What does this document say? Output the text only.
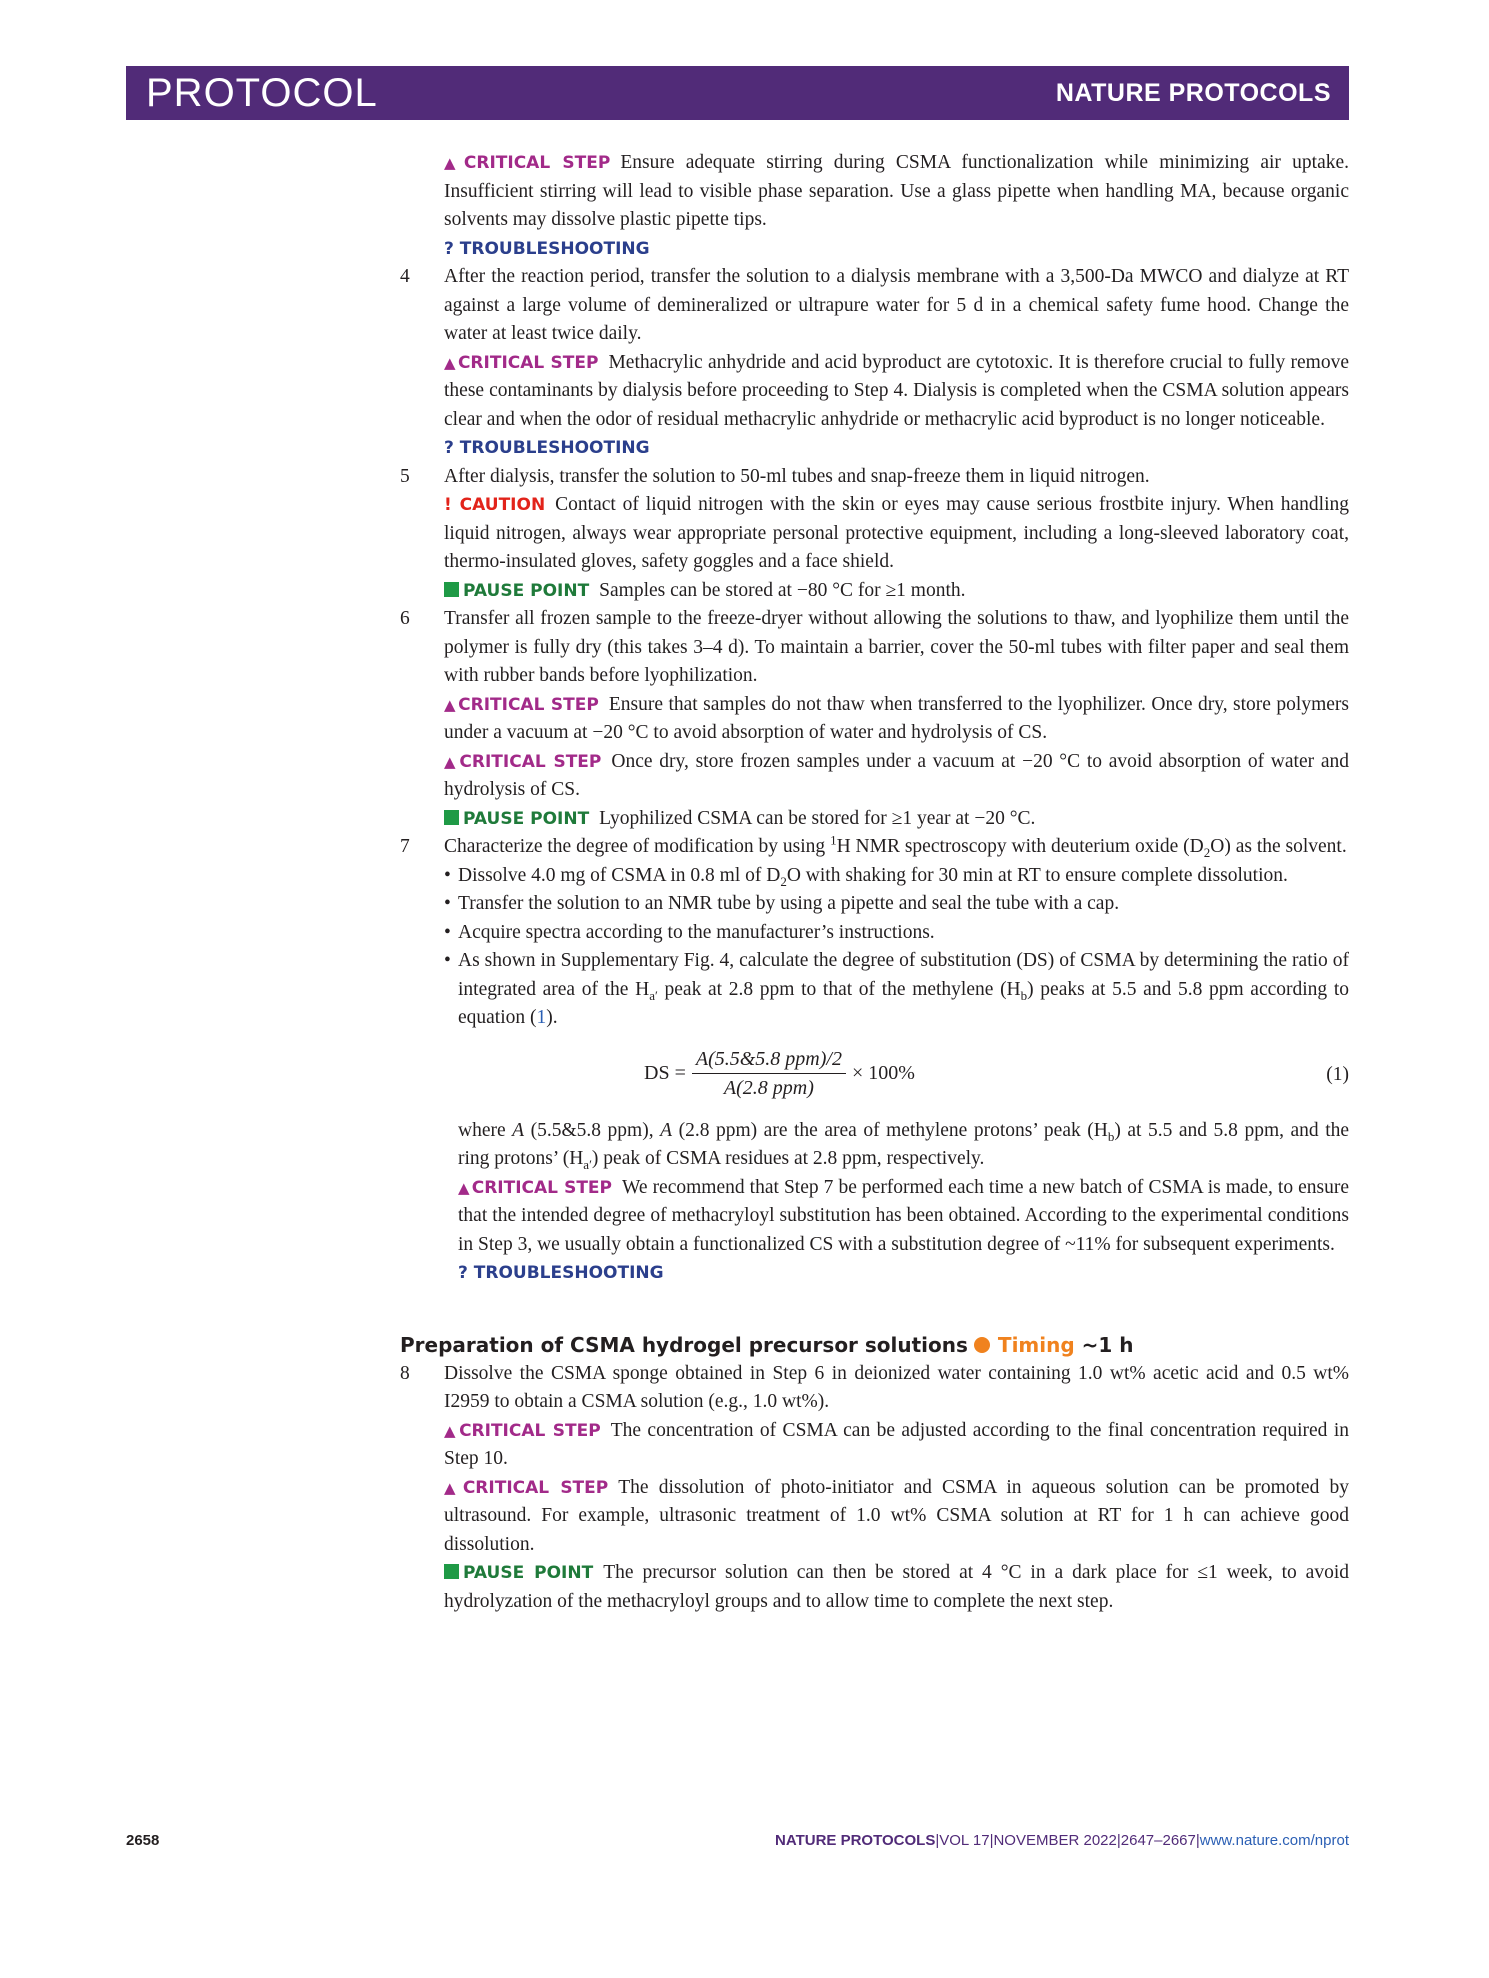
PROTOCOL	NATURE PROTOCOLS

▲ CRITICAL STEP Ensure adequate stirring during CSMA functionalization while minimizing air uptake. Insufficient stirring will lead to visible phase separation. Use a glass pipette when handling MA, because organic solvents may dissolve plastic pipette tips.

? TROUBLESHOOTING

4 After the reaction period, transfer the solution to a dialysis membrane with a 3,500-Da MWCO and dialyze at RT against a large volume of demineralized or ultrapure water for 5 d in a chemical safety fume hood. Change the water at least twice daily.

▲ CRITICAL STEP Methacrylic anhydride and acid byproduct are cytotoxic. It is therefore crucial to fully remove these contaminants by dialysis before proceeding to Step 4. Dialysis is completed when the CSMA solution appears clear and when the odor of residual methacrylic anhydride or methacrylic acid byproduct is no longer noticeable.

? TROUBLESHOOTING

5 After dialysis, transfer the solution to 50-ml tubes and snap-freeze them in liquid nitrogen.

! CAUTION Contact of liquid nitrogen with the skin or eyes may cause serious frostbite injury. When handling liquid nitrogen, always wear appropriate personal protective equipment, including a long-sleeved laboratory coat, thermo-insulated gloves, safety goggles and a face shield.

PAUSE POINT Samples can be stored at −80 °C for ≥1 month.

6 Transfer all frozen sample to the freeze-dryer without allowing the solutions to thaw, and lyophilize them until the polymer is fully dry (this takes 3–4 d). To maintain a barrier, cover the 50-ml tubes with filter paper and seal them with rubber bands before lyophilization.

▲ CRITICAL STEP Ensure that samples do not thaw when transferred to the lyophilizer. Once dry, store polymers under a vacuum at −20 °C to avoid absorption of water and hydrolysis of CS.

▲ CRITICAL STEP Once dry, store frozen samples under a vacuum at −20 °C to avoid absorption of water and hydrolysis of CS.

PAUSE POINT Lyophilized CSMA can be stored for ≥1 year at −20 °C.

7 Characterize the degree of modification by using $^1$H NMR spectroscopy with deuterium oxide $(D_2O)$ as the solvent.
• Dissolve 4.0 mg of CSMA in 0.8 ml of $D_2O$ with shaking for 30 min at RT to ensure complete dissolution.
• Transfer the solution to an NMR tube by using a pipette and seal the tube with a cap.
• Acquire spectra according to the manufacturer’s instructions.
• As shown in Supplementary Fig. 4, calculate the degree of substitution (DS) of CSMA by determining the ratio of integrated area of the $H_{a'}$ peak at 2.8 ppm to that of the methylene $(H_b)$ peaks at 5.5 and 5.8 ppm according to equation (1).
DS = $\frac{\text{A(5.5\&5.8 ppm)/2}}{\text{A(2.8 ppm)}} \times 100\%$	(1)

where A (5.5&5.8 ppm), A (2.8 ppm) are the area of methylene protons’ peak $(H_b)$ at 5.5 and 5.8 ppm, and the ring protons’ $(H_{a'})$ peak of CSMA residues at 2.8 ppm, respectively.

▲ CRITICAL STEP We recommend that Step 7 be performed each time a new batch of CSMA is made, to ensure that the intended degree of methacryloyl substitution has been obtained. According to the experimental conditions in Step 3, we usually obtain a functionalized CS with a substitution degree of ~11% for subsequent experiments.

? TROUBLESHOOTING

Preparation of CSMA hydrogel precursor solutions Timing ~1 h
8 Dissolve the CSMA sponge obtained in Step 6 in deionized water containing 1.0 wt% acetic acid and 0.5 wt% I2959 to obtain a CSMA solution (e.g., 1.0 wt%).

▲ CRITICAL STEP The concentration of CSMA can be adjusted according to the final concentration required in Step 10.

▲ CRITICAL STEP The dissolution of photo-initiator and CSMA in aqueous solution can be promoted by ultrasound. For example, ultrasonic treatment of 1.0 wt% CSMA solution at RT for 1 h can achieve good dissolution.

PAUSE POINT The precursor solution can then be stored at 4 °C in a dark place for ≤1 week, to avoid hydrolyzation of the methacryloyl groups and to allow time to complete the next step.

2658	NATURE PROTOCOLS|VOL 17|NOVEMBER 2022|2647–2667|www.nature.com/nprot
